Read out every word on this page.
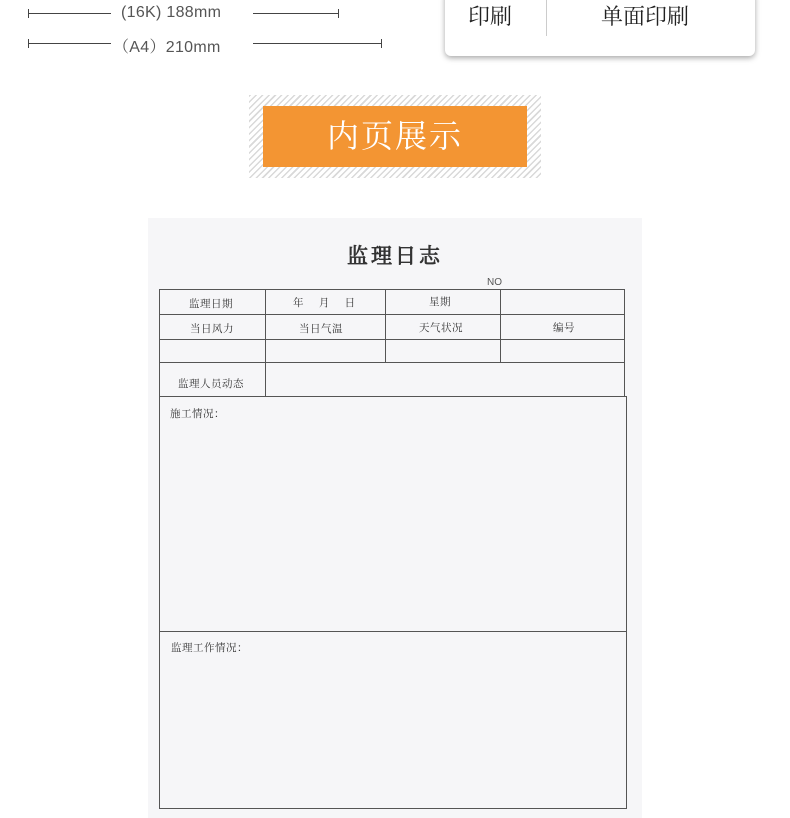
(16K) 188mm
（A4）210mm
印刷	单面印刷
内页展示
监理日志
NO
监理日期	年　 月　 日	星期
当日风力	当日气温	天气状况	编号
监理人员动态
施工情况：
监理工作情况：
